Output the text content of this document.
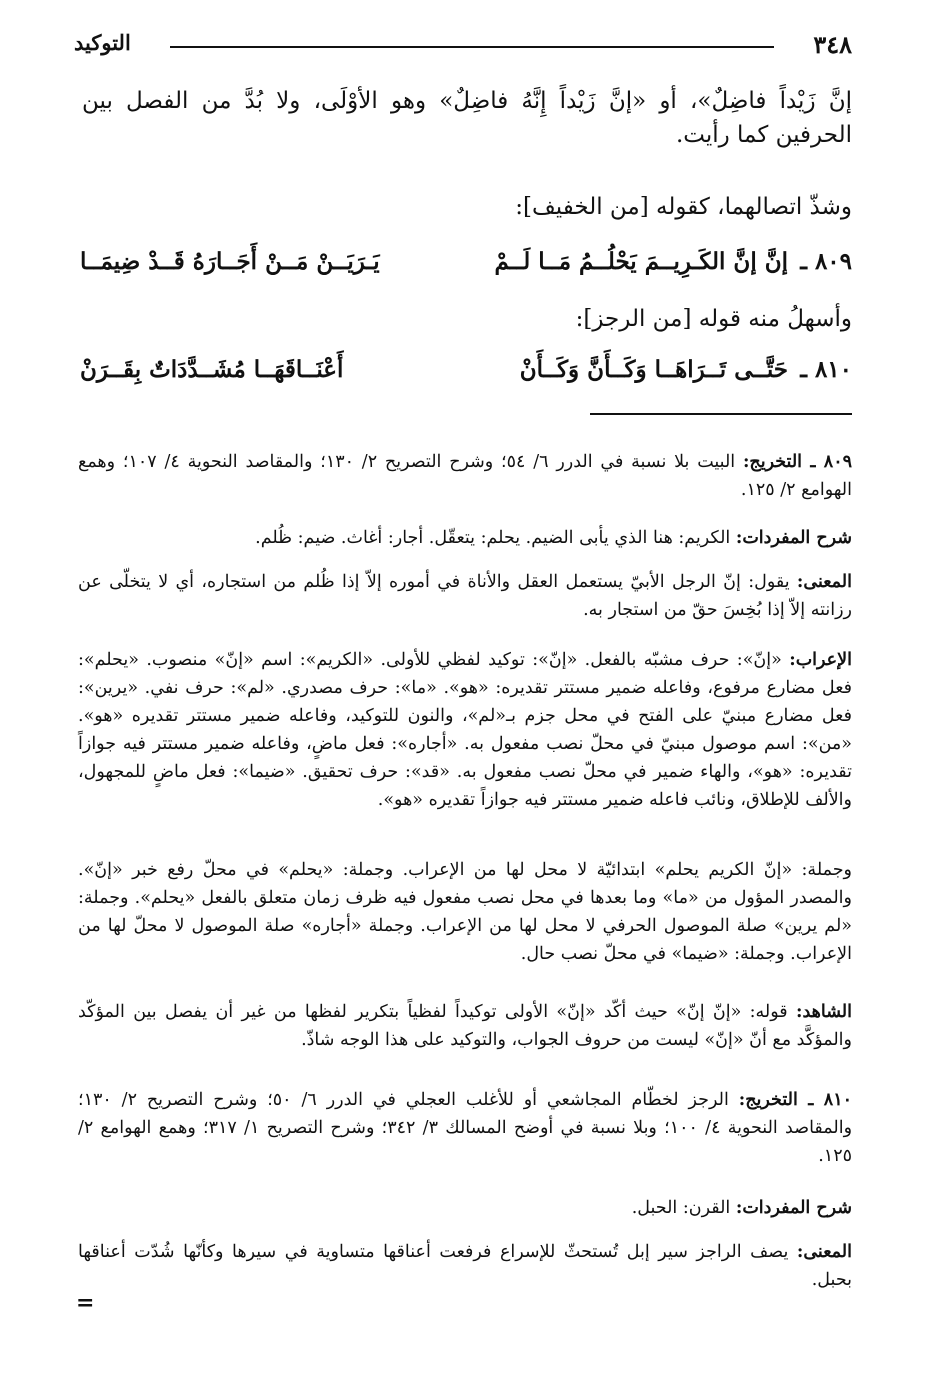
٣٤٨
التوكيد
إنَّ زَيْداً فاضِلٌ»، أو «إنَّ زَيْداً إِنَّهُ فاضِلٌ» وهو الأوْلَى، ولا بُدَّ من الفصل بين الحرفين كما رأيت.
وشذّ اتصالهما، كقوله [من الخفيف]:
٨٠٩ ـ
إنَّ إنَّ الكَـرِيــمَ يَحْلُــمُ مَــا لَــمْ
يَـرَيَــنْ مَــنْ أَجَــارَهُ قَــدْ ضِيمَــا
وأسهلُ منه قوله [من الرجز]:
٨١٠ ـ
حَتَّــى تَــرَاهَــا وَكَــأَنَّ وَكَــأَنْ
أَعْنَــاقَهَــا مُشَــدَّدَاتٌ بِقَــرَنْ
٨٠٩ ـ التخريج: البيت بلا نسبة في الدرر ٦/ ٥٤؛ وشرح التصريح ٢/ ١٣٠؛ والمقاصد النحوية ٤/ ١٠٧؛ وهمع الهوامع ٢/ ١٢٥.
شرح المفردات: الكريم: هنا الذي يأبى الضيم. يحلم: يتعقّل. أجار: أغاث. ضيم: ظُلم.
المعنى: يقول: إنّ الرجل الأبيّ يستعمل العقل والأناة في أموره إلاّ إذا ظُلم من استجاره، أي لا يتخلّى عن رزانته إلاّ إذا بُخِسَ حقّ من استجار به.
الإعراب: «إنّ»: حرف مشبّه بالفعل. «إنّ»: توكيد لفظي للأولى. «الكريم»: اسم «إنّ» منصوب. «يحلم»: فعل مضارع مرفوع، وفاعله ضمير مستتر تقديره: «هو». «ما»: حرف مصدري. «لم»: حرف نفي. «يرين»: فعل مضارع مبنيّ على الفتح في محل جزم بـ«لم»، والنون للتوكيد، وفاعله ضمير مستتر تقديره «هو». «من»: اسم موصول مبنيّ في محلّ نصب مفعول به. «أجاره»: فعل ماضٍ، وفاعله ضمير مستتر فيه جوازاً تقديره: «هو»، والهاء ضمير في محلّ نصب مفعول به. «قد»: حرف تحقيق. «ضيما»: فعل ماضٍ للمجهول، والألف للإطلاق، ونائب فاعله ضمير مستتر فيه جوازاً تقديره «هو».
وجملة: «إنّ الكريم يحلم» ابتدائيّة لا محل لها من الإعراب. وجملة: «يحلم» في محلّ رفع خبر «إنّ». والمصدر المؤول من «ما» وما بعدها في محل نصب مفعول فيه ظرف زمان متعلق بالفعل «يحلم». وجملة: «لم يرين» صلة الموصول الحرفي لا محل لها من الإعراب. وجملة «أجاره» صلة الموصول لا محلّ لها من الإعراب. وجملة: «ضيما» في محلّ نصب حال.
الشاهد: قوله: «إنّ إنّ» حيث أكّد «إنّ» الأولى توكيداً لفظياً بتكرير لفظها من غير أن يفصل بين المؤكّد والمؤكَّد مع أنّ «إنّ» ليست من حروف الجواب، والتوكيد على هذا الوجه شاذّ.
٨١٠ ـ التخريج: الرجز لخطّام المجاشعي أو للأغلب العجلي في الدرر ٦/ ٥٠؛ وشرح التصريح ٢/ ١٣٠؛ والمقاصد النحوية ٤/ ١٠٠؛ وبلا نسبة في أوضح المسالك ٣/ ٣٤٢؛ وشرح التصريح ١/ ٣١٧؛ وهمع الهوامع ٢/ ١٢٥.
شرح المفردات: القرن: الحبل.
المعنى: يصف الراجز سير إبل تُستحثّ للإسراع فرفعت أعناقها متساوية في سيرها وكأنّها شُدّت أعناقها بحبل.
=
